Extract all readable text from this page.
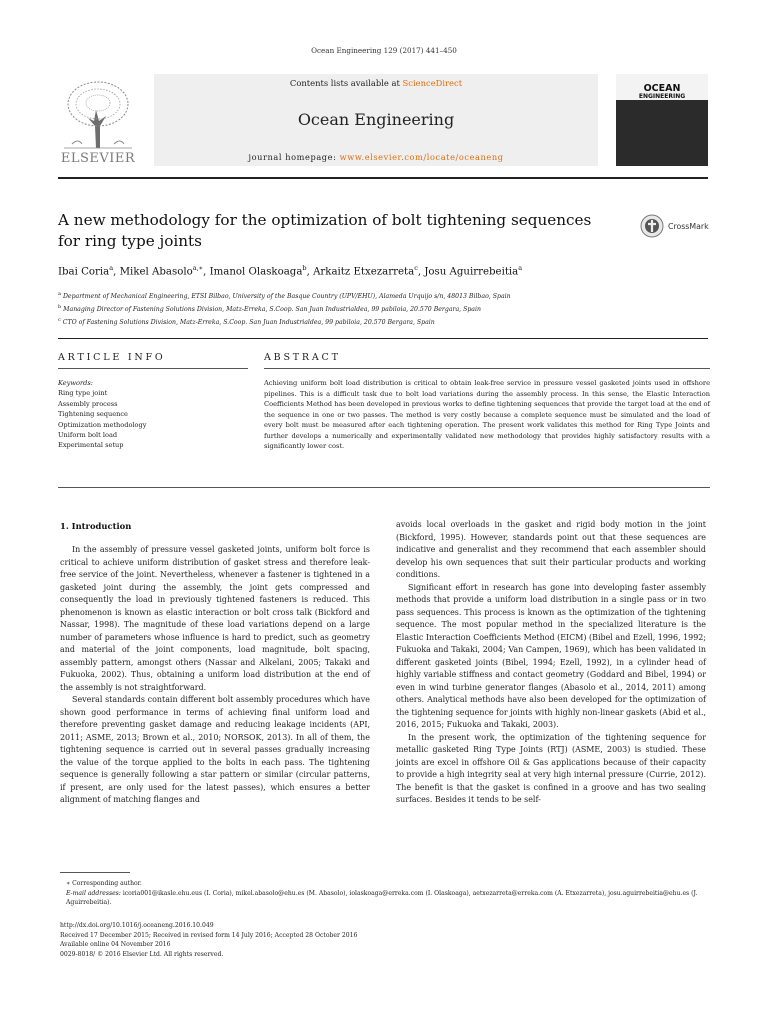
Ocean Engineering 129 (2017) 441–450
ELSEVIER
Contents lists available at ScienceDirect
Ocean Engineering
journal homepage: www.elsevier.com/locate/oceaneng
OCEAN
ENGINEERING
A new methodology for the optimization of bolt tightening sequences for ring type joints
CrossMark
Ibai Coria$^a$, Mikel Abasolo$^{a,∗}$, Imanol Olaskoaga$^b$, Arkaitz Etxezarreta$^c$, Josu Aguirrebeitia$^a$
$^a$ Department of Mechanical Engineering, ETSI Bilbao, University of the Basque Country (UPV/EHU), Alameda Urquijo s/n, 48013 Bilbao, Spain
$^b$ Managing Director of Fastening Solutions Division, Matz-Erreka, S.Coop. San Juan Industrialdea, 99 pabiloia, 20.570 Bergara, Spain
$^c$ CTO of Fastening Solutions Division, Matz-Erreka, S.Coop. San Juan Industrialdea, 99 pabiloia, 20.570 Bergara, Spain
ARTICLE INFO	ABSTRACT
Keywords:
Ring type joint
Assembly process
Tightening sequence
Optimization methodology
Uniform bolt load
Experimental setup
Achieving uniform bolt load distribution is critical to obtain leak-free service in pressure vessel gasketed joints used in offshore pipelines. This is a difficult task due to bolt load variations during the assembly process. In this sense, the Elastic Interaction Coefficients Method has been developed in previous works to define tightening sequences that provide the target load at the end of the sequence in one or two passes. The method is very costly because a complete sequence must be simulated and the load of every bolt must be measured after each tightening operation. The present work validates this method for Ring Type Joints and further develops a numerically and experimentally validated new methodology that provides highly satisfactory results with a significantly lower cost.
1. Introduction

In the assembly of pressure vessel gasketed joints, uniform bolt force is critical to achieve uniform distribution of gasket stress and therefore leak-free service of the joint. Nevertheless, whenever a fastener is tightened in a gasketed joint during the assembly, the joint gets compressed and consequently the load in previously tightened fasteners is reduced. This phenomenon is known as elastic interaction or bolt cross talk (Bickford and Nassar, 1998). The magnitude of these load variations depend on a large number of parameters whose influence is hard to predict, such as geometry and material of the joint components, load magnitude, bolt spacing, assembly pattern, amongst others (Nassar and Alkelani, 2005; Takaki and Fukuoka, 2002). Thus, obtaining a uniform load distribution at the end of the assembly is not straightforward.

Several standards contain different bolt assembly procedures which have shown good performance in terms of achieving final uniform load and therefore preventing gasket damage and reducing leakage incidents (API, 2011; ASME, 2013; Brown et al., 2010; NORSOK, 2013). In all of them, the tightening sequence is carried out in several passes gradually increasing the value of the torque applied to the bolts in each pass. The tightening sequence is generally following a star pattern or similar (circular patterns, if present, are only used for the latest passes), which ensures a better alignment of matching flanges and

avoids local overloads in the gasket and rigid body motion in the joint (Bickford, 1995). However, standards point out that these sequences are indicative and generalist and they recommend that each assembler should develop his own sequences that suit their particular products and working conditions.

Significant effort in research has gone into developing faster assembly methods that provide a uniform load distribution in a single pass or in two pass sequences. This process is known as the optimization of the tightening sequence. The most popular method in the specialized literature is the Elastic Interaction Coefficients Method (EICM) (Bibel and Ezell, 1996, 1992; Fukuoka and Takaki, 2004; Van Campen, 1969), which has been validated in different gasketed joints (Bibel, 1994; Ezell, 1992), in a cylinder head of highly variable stiffness and contact geometry (Goddard and Bibel, 1994) or even in wind turbine generator flanges (Abasolo et al., 2014, 2011) among others. Analytical methods have also been developed for the optimization of the tightening sequence for joints with highly non-linear gaskets (Abid et al., 2016, 2015; Fukuoka and Takaki, 2003).

In the present work, the optimization of the tightening sequence for metallic gasketed Ring Type Joints (RTJ) (ASME, 2003) is studied. These joints are excel in offshore Oil & Gas applications because of their capacity to provide a high integrity seal at very high internal pressure (Currie, 2012). The benefit is that the gasket is confined in a groove and has two sealing surfaces. Besides it tends to be self-

∗ Corresponding author.
E-mail addresses: icoria001@ikasle.ehu.eus (I. Coria), mikel.abasolo@ehu.es (M. Abasolo), iolaskoaga@erreka.com (I. Olaskoaga), aetxezarreta@erreka.com (A. Etxezarreta), josu.aguirrebeitia@ehu.es (J. Aguirrebeitia).
http://dx.doi.org/10.1016/j.oceaneng.2016.10.049
Received 17 December 2015; Received in revised form 14 July 2016; Accepted 28 October 2016
Available online 04 November 2016
0029-8018/ © 2016 Elsevier Ltd. All rights reserved.
